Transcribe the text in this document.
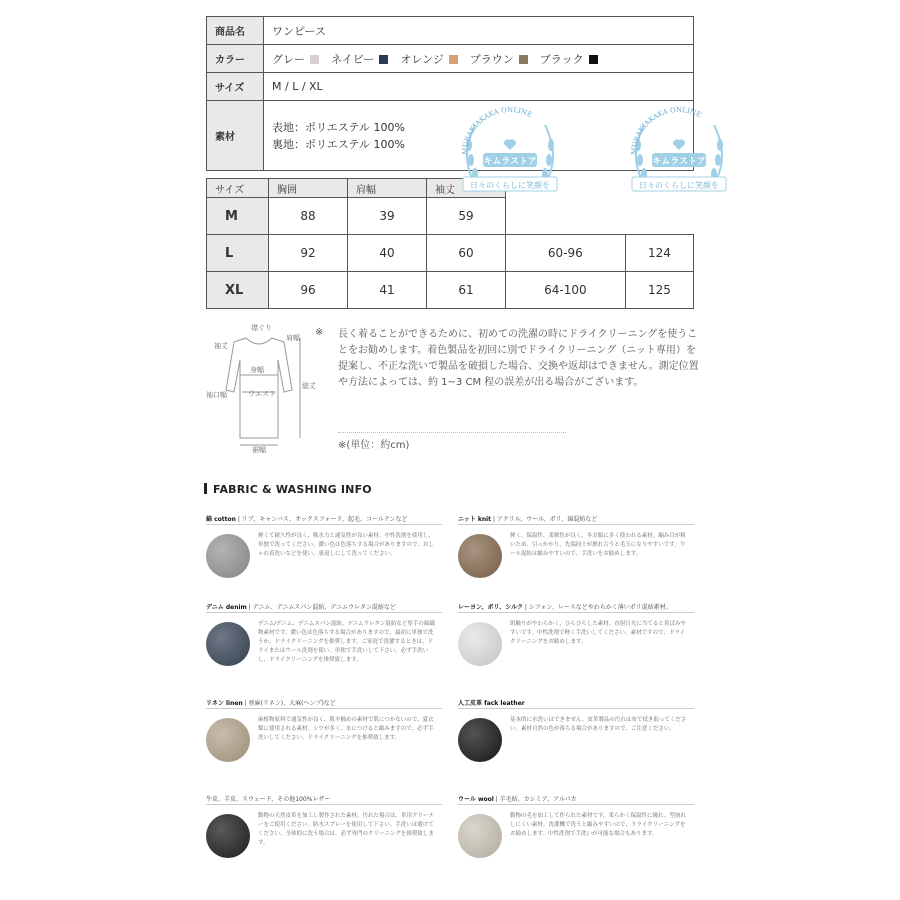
商品名	ワンピース
カラー	グレー ネイビー オレンジ ブラウン ブラック
サイズ	M / L / XL
素材	表地：ポリエステル 100%
裏地：ポリエステル 100%
サイズ	胸囲	肩幅	袖丈		
M	88	39	59		
L	92	40	60	60-96	124
XL	96	41	61	64-100	125
MURAKIAKAKA ONLINE
キムラストア
日々のくらしに笑顔を
MURAKIAKAKA ONLINE
キムラストア
日々のくらしに笑顔を
襟ぐり
袖丈
肩幅
身幅
袖口幅	ウエスト
総丈
裾幅
※ 長く着ることができるために、初めての洗濯の時にドライクリーニングを使うことをお勧めします。着色製品を初回に別でドライクリーニング（ニット専用）を提案し、不正な洗いで製品を破損した場合、交換や返却はできません。測定位置や方法によっては、約 1~3 CM 程の誤差が出る場合がございます。
※(単位：約cm)
FABRIC & WASHING INFO
綿 cotton | リブ、キャンバス、オックスフォード、起毛、コールテンなど
軽くて耐久性が良く、吸水力と通気性が良い素材。中性洗剤を使用し、単独で洗ってください。濃い色は色落ちする場合がありますので、おしゃれ着洗いなどを使い、裏返しにして洗ってください。
ニット knit | アクリル、ウール、ポリ、綿混紡など
軽く、保温性、柔軟性が良く、冬お服に多く使われる素材。編み目が粗いため、引っかかり、先端同士が擦れ合うと毛玉になりやすいです。ウール混紡は縮みやすいので、手洗いをお勧めします。
デニム denim | デニム、デニムスパン混紡、デニムウレタン混紡など
デニム/デニム、デニムスパン混紡、デニムウレタン混紡など厚手の綿織物素材です。濃い色は色落ちする場合がありますので、最初に単独で洗うか、ドライクリーニングを推奨します。ご家庭で洗濯するときは、ドライまたはウール洗剤を使い、単独で手洗いして下さい。必ず手洗いし、ドライクリーニングを推奨致します。
レーヨン、ポリ、シルク | シフォン、レースなどやわらかく薄いポリ混紡素材。
肌触りがやわらかく、ひらひらした素材。直射日光に当てると黄ばみやすいです。中性洗剤で軽く手洗いしてください。素材ですので、ドライクリーニングをお勧めします。
リネン linen | 亜麻(リネン)、大麻(ヘンプ)など
麻植物原料で通気性が良く、肌辛触めの素材で肌につかないので、夏衣類に使用される素材。シワが多く、水につけると縮みますので、必ず手洗いしてください。ドライクリーニングを推奨致します。
人工皮革 fack leather
基本的に水洗いはできません。皮革製品の汚れは布で拭き取ってください。素材自然の色が落ちる場合がありますので、ご注意ください。
牛皮、羊皮、スウェード、その他100%レザー
動物の天然皮革を加工し製作された素材。汚れた場合は、革用クリーナーをご使用ください。防水スプレーを使用して下さい。手洗いは避けてください。全体的に洗う場合は、必ず専門のクリーニングを推奨致します。
ウール wool | 羊毛紡、カシミア、アルパカ
動物の毛を加工して作られた素材です。柔らかく保温性に優れ、型崩れしにくい素材。洗濯機で洗うと縮みやすいので、ドライクリーニングをお勧めします。中性洗剤で手洗いが可能な場合もあります。
